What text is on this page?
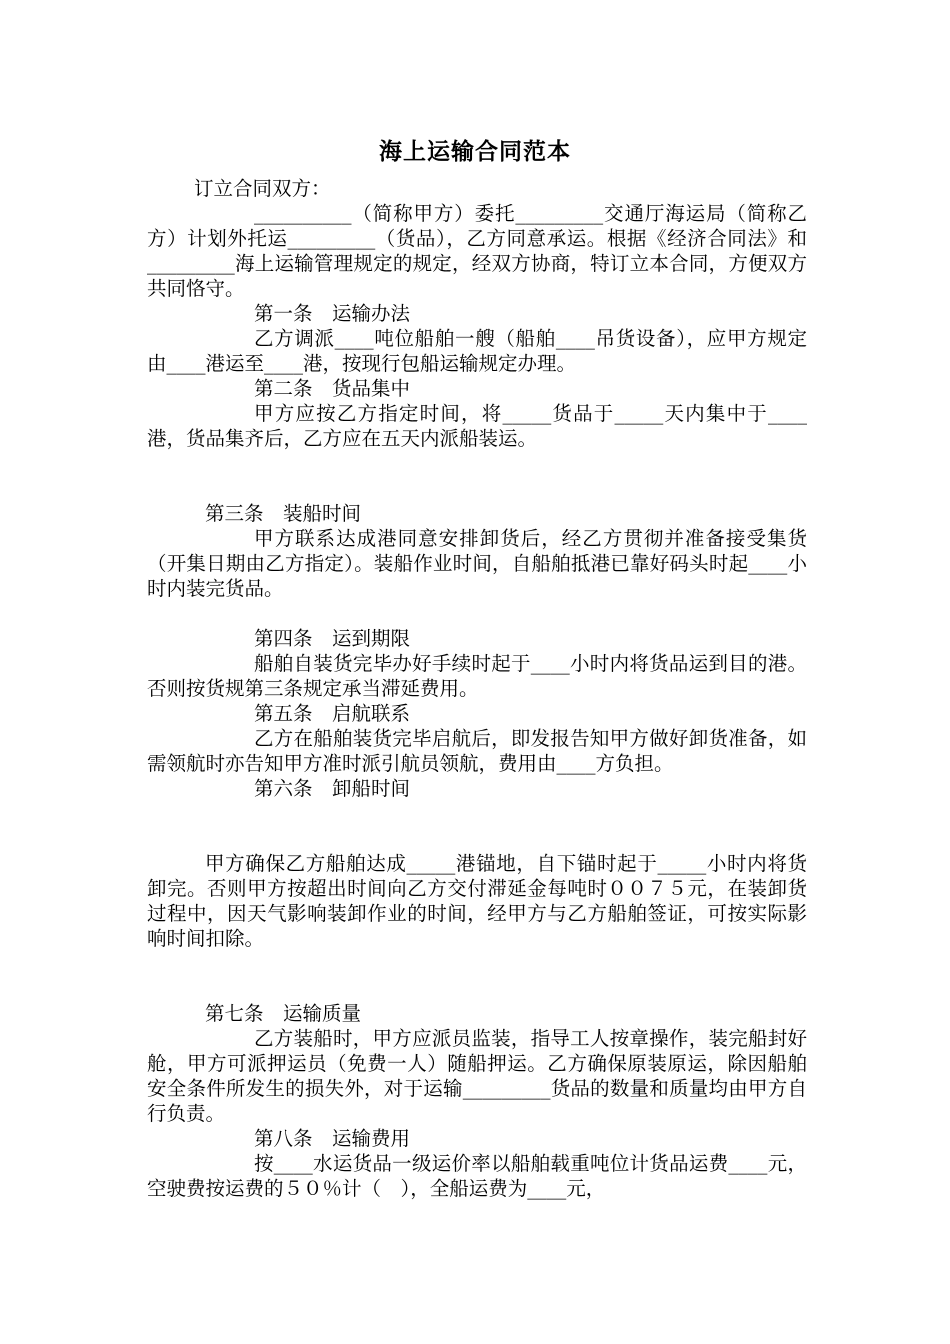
海上运输合同范本

订立合同双方：

__________（简称甲方）委托_________交通厅海运局（简称乙方）计划外托运_________（货品），乙方同意承运。根据《经济合同法》和_________海上运输管理规定的规定，经双方协商，特订立本合同，方便双方共同恪守。

第一条　运输办法

乙方调派____吨位船舶一艘（船舶____吊货设备），应甲方规定由____港运至____港，按现行包船运输规定办理。

第二条　货品集中

甲方应按乙方指定时间，将_____货品于_____天内集中于____港，货品集齐后，乙方应在五天内派船装运。

第三条　装船时间

甲方联系达成港同意安排卸货后，经乙方贯彻并准备接受集货（开集日期由乙方指定）。装船作业时间，自船舶抵港已靠好码头时起____小时内装完货品。

第四条　运到期限

船舶自装货完毕办好手续时起于____小时内将货品运到目的港。否则按货规第三条规定承当滞延费用。

第五条　启航联系

乙方在船舶装货完毕启航后，即发报告知甲方做好卸货准备，如需领航时亦告知甲方准时派引航员领航，费用由____方负担。

第六条　卸船时间

甲方确保乙方船舶达成_____港锚地，自下锚时起于_____小时内将货卸完。否则甲方按超出时间向乙方交付滞延金每吨时００７５元，在装卸货过程中，因天气影响装卸作业的时间，经甲方与乙方船舶签证，可按实际影响时间扣除。

第七条　运输质量

乙方装船时，甲方应派员监装，指导工人按章操作，装完船封好舱，甲方可派押运员（免费一人）随船押运。乙方确保原装原运，除因船舶安全条件所发生的损失外，对于运输_________货品的数量和质量均由甲方自行负责。

第八条　运输费用

按____水运货品一级运价率以船舶载重吨位计货品运费____元，空驶费按运费的５０％计（　），全船运费为____元，
